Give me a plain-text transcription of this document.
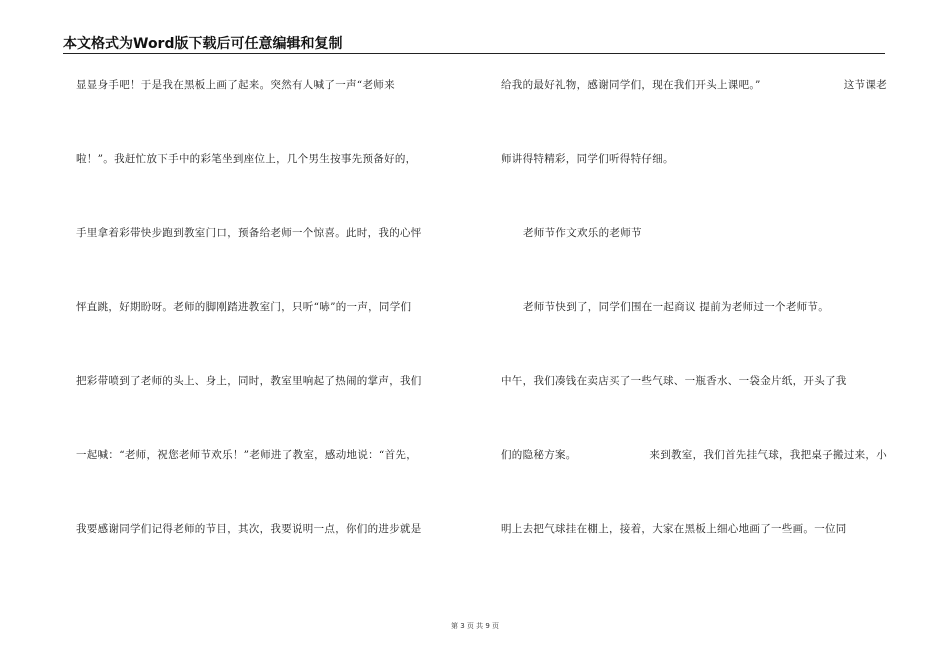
本文格式为Word版下载后可任意编辑和复制
显显身手吧！于是我在黑板上画了起来。突然有人喊了一声“老师来
啦！”。我赶忙放下手中的彩笔坐到座位上，几个男生按事先预备好的，
手里拿着彩带快步跑到教室门口，预备给老师一个惊喜。此时，我的心怦
怦直跳，好期盼呀。老师的脚刚踏进教室门，只听“哧”的一声，同学们
把彩带喷到了老师的头上、身上，同时，教室里响起了热闹的掌声，我们
一起喊：“老师，祝您老师节欢乐！”老师进了教室，感动地说：“首先，
我要感谢同学们记得老师的节目，其次，我要说明一点，你们的进步就是
给我的最好礼物，感谢同学们，现在我们开头上课吧。”	这节课老
师讲得特精彩，同学们听得特仔细。
老师节作文欢乐的老师节
老师节快到了，同学们围在一起商议 提前为老师过一个老师节。
中午，我们凑钱在卖店买了一些气球、一瓶香水、一袋金片纸，开头了我
们的隐秘方案。	来到教室，我们首先挂气球，我把桌子搬过来，小
明上去把气球挂在棚上，接着，大家在黑板上细心地画了一些画。一位同
第 3 页 共 9 页
